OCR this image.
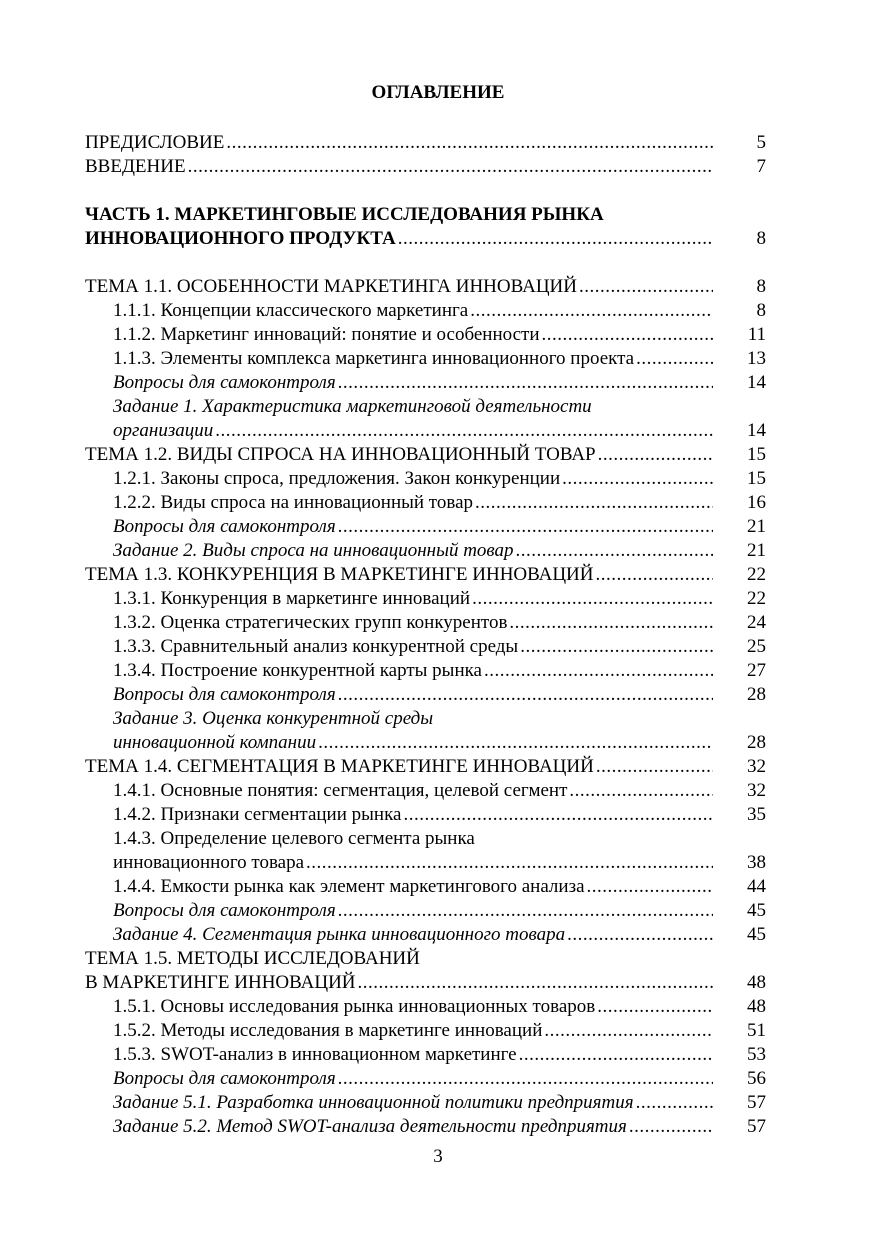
ОГЛАВЛЕНИЕ
ПРЕДИСЛОВИЕ .....	5
ВВЕДЕНИЕ .....	7
ЧАСТЬ 1. МАРКЕТИНГОВЫЕ ИССЛЕДОВАНИЯ РЫНКА
ИННОВАЦИОННОГО ПРОДУКТА .....	8
ТЕМА 1.1. ОСОБЕННОСТИ МАРКЕТИНГА ИННОВАЦИЙ .....	8
1.1.1. Концепции классического маркетинга .....	8
1.1.2. Маркетинг инноваций: понятие и особенности .....	11
1.1.3. Элементы комплекса маркетинга инновационного проекта .....	13
Вопросы для самоконтроля .....	14
Задание 1. Характеристика маркетинговой деятельности
организации .....	14
ТЕМА 1.2. ВИДЫ СПРОСА НА ИННОВАЦИОННЫЙ ТОВАР .....	15
1.2.1. Законы спроса, предложения. Закон конкуренции .....	15
1.2.2. Виды спроса на инновационный товар .....	16
Вопросы для самоконтроля .....	21
Задание 2. Виды спроса на инновационный товар .....	21
ТЕМА 1.3. КОНКУРЕНЦИЯ В МАРКЕТИНГЕ ИННОВАЦИЙ .....	22
1.3.1. Конкуренция в маркетинге инноваций .....	22
1.3.2. Оценка стратегических групп конкурентов .....	24
1.3.3. Сравнительный анализ конкурентной среды .....	25
1.3.4. Построение конкурентной карты рынка .....	27
Вопросы для самоконтроля .....	28
Задание 3. Оценка конкурентной среды
инновационной компании .....	28
ТЕМА 1.4. СЕГМЕНТАЦИЯ В МАРКЕТИНГЕ ИННОВАЦИЙ .....	32
1.4.1. Основные понятия: сегментация, целевой сегмент .....	32
1.4.2. Признаки сегментации рынка .....	35
1.4.3. Определение целевого сегмента рынка
инновационного товара .....	38
1.4.4. Емкости рынка как элемент маркетингового анализа .....	44
Вопросы для самоконтроля .....	45
Задание 4. Сегментация рынка инновационного товара .....	45
ТЕМА 1.5. МЕТОДЫ ИССЛЕДОВАНИЙ
В МАРКЕТИНГЕ ИННОВАЦИЙ .....	48
1.5.1. Основы исследования рынка инновационных товаров .....	48
1.5.2. Методы исследования в маркетинге инноваций .....	51
1.5.3. SWOT-анализ в инновационном маркетинге .....	53
Вопросы для самоконтроля .....	56
Задание 5.1. Разработка инновационной политики предприятия .....	57
Задание 5.2. Метод SWOT-анализа деятельности предприятия .....	57
3
